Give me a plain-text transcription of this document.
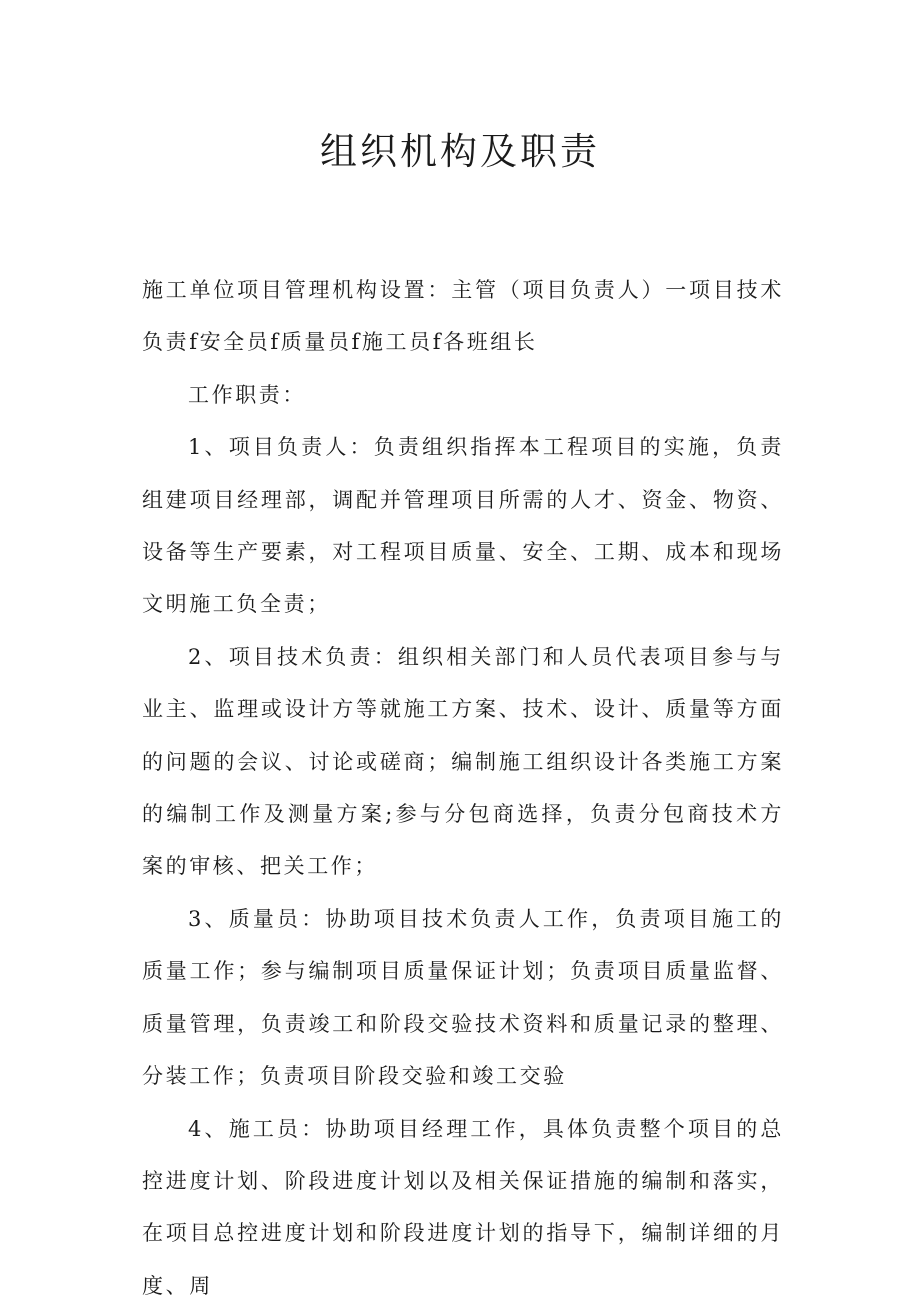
组织机构及职责

施工单位项目管理机构设置：主管（项目负责人）一项目技术负责f安全员f质量员f施工员f各班组长

工作职责：

1、项目负责人：负责组织指挥本工程项目的实施，负责组建项目经理部，调配并管理项目所需的人才、资金、物资、设备等生产要素，对工程项目质量、安全、工期、成本和现场文明施工负全责；

2、项目技术负责：组织相关部门和人员代表项目参与与业主、监理或设计方等就施工方案、技术、设计、质量等方面的问题的会议、讨论或磋商；编制施工组织设计各类施工方案的编制工作及测量方案;参与分包商选择，负责分包商技术方案的审核、把关工作；

3、质量员：协助项目技术负责人工作，负责项目施工的质量工作；参与编制项目质量保证计划；负责项目质量监督、质量管理，负责竣工和阶段交验技术资料和质量记录的整理、分装工作；负责项目阶段交验和竣工交验

4、施工员：协助项目经理工作，具体负责整个项目的总控进度计划、阶段进度计划以及相关保证措施的编制和落实，在项目总控进度计划和阶段进度计划的指导下，编制详细的月度、周
